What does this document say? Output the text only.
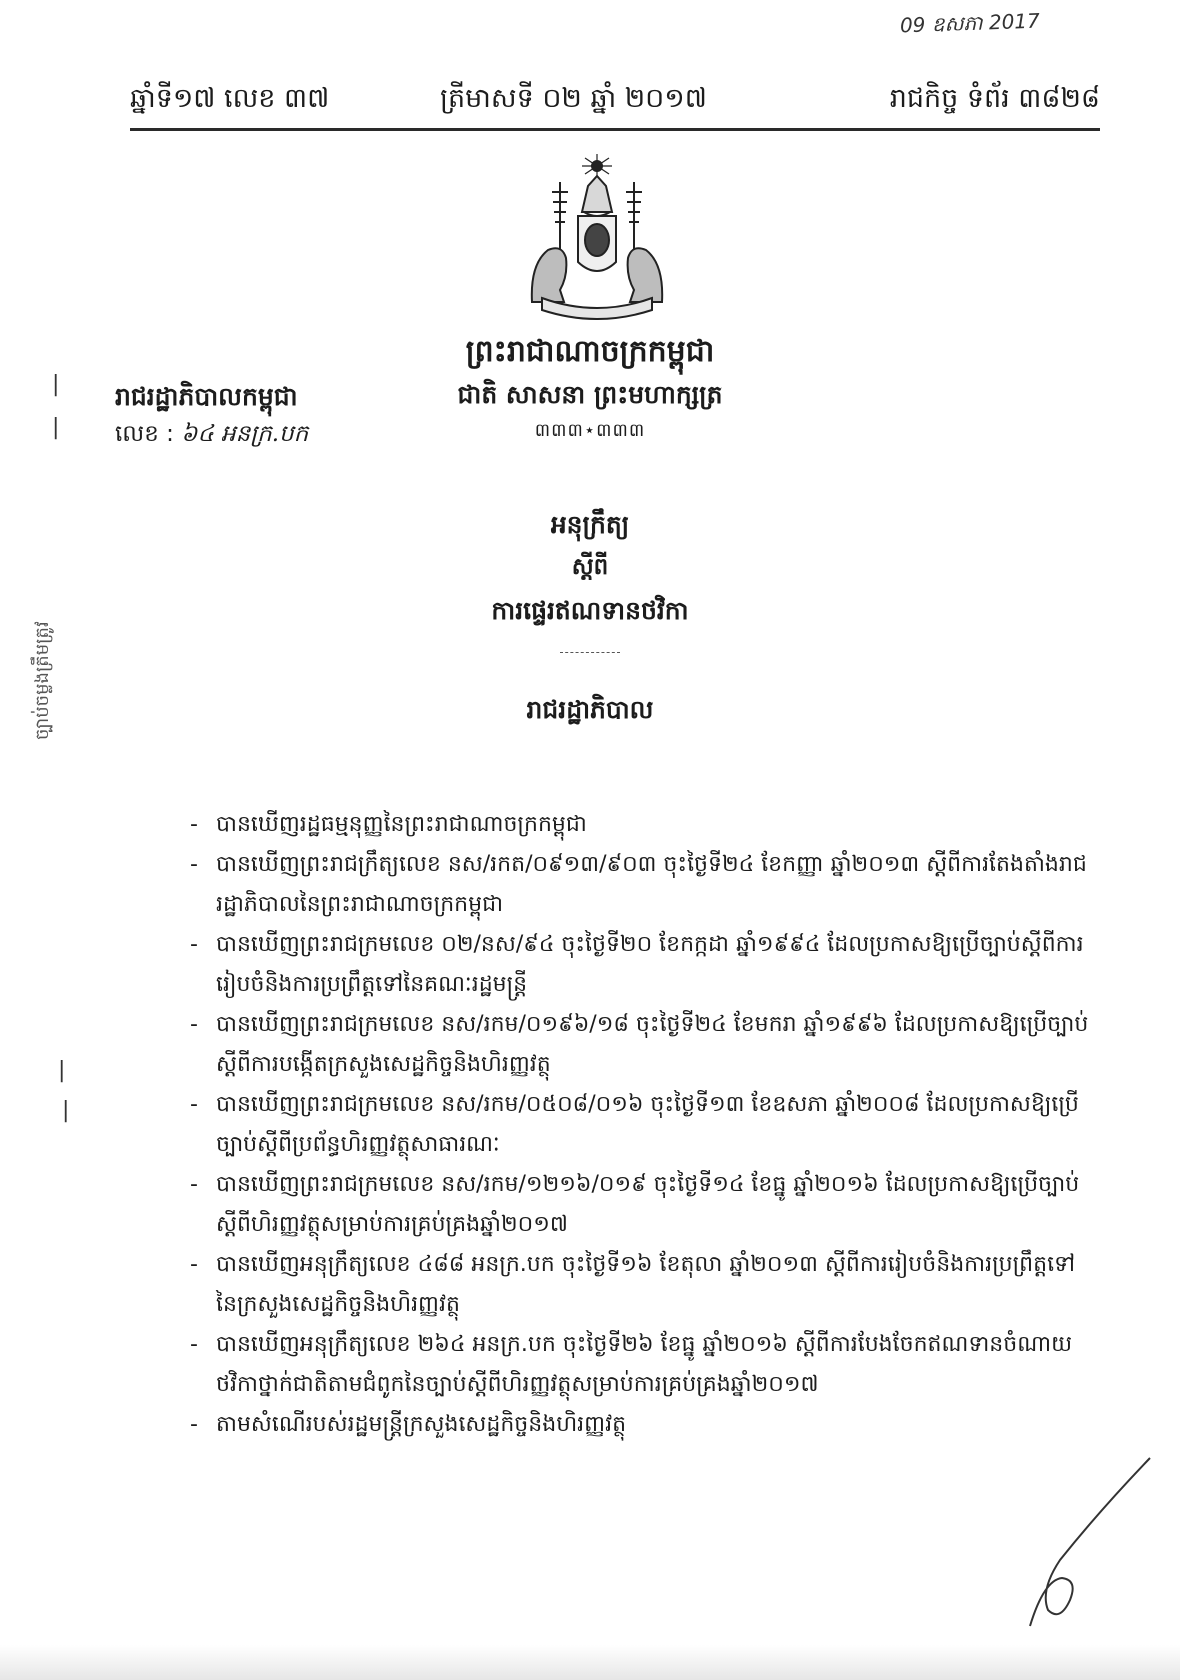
09 ឧសភា 2017
ឆ្នាំទី១៧ លេខ ៣៧	ត្រីមាសទី ០២ ឆ្នាំ ២០១៧	រាជកិច្ច ទំព័រ ៣៨២៨
ព្រះរាជាណាចក្រកម្ពុជា
ជាតិ សាសនា ព្រះមហាក្សត្រ
៣៣៣⋆៣៣៣
រាជរដ្ឋាភិបាលកម្ពុជា
លេខ : ៦៤ អនក្រ.បក
|
|
|
|
ច្បាប់ចម្លងត្រឹមត្រូវ
អនុក្រឹត្យ
ស្តីពី
ការផ្ទេរឥណទានថវិកា
រាជរដ្ឋាភិបាល
- បានឃើញរដ្ឋធម្មនុញ្ញនៃព្រះរាជាណាចក្រកម្ពុជា
- បានឃើញព្រះរាជក្រឹត្យលេខ នស/រកត/០៩១៣/៩០៣ ចុះថ្ងៃទី២៤ ខែកញ្ញា ឆ្នាំ២០១៣ ស្តីពីការតែងតាំងរាជរដ្ឋាភិបាលនៃព្រះរាជាណាចក្រកម្ពុជា
- បានឃើញព្រះរាជក្រមលេខ ០២/នស/៩៤ ចុះថ្ងៃទី២០ ខែកក្កដា ឆ្នាំ១៩៩៤ ដែលប្រកាសឱ្យប្រើច្បាប់ស្តីពីការរៀបចំនិងការប្រព្រឹត្តទៅនៃគណៈរដ្ឋមន្ត្រី
- បានឃើញព្រះរាជក្រមលេខ នស/រកម/០១៩៦/១៨ ចុះថ្ងៃទី២៤ ខែមករា ឆ្នាំ១៩៩៦ ដែលប្រកាសឱ្យប្រើច្បាប់ស្តីពីការបង្កើតក្រសួងសេដ្ឋកិច្ចនិងហិរញ្ញវត្ថុ
- បានឃើញព្រះរាជក្រមលេខ នស/រកម/០៥០៨/០១៦ ចុះថ្ងៃទី១៣ ខែឧសភា ឆ្នាំ២០០៨ ដែលប្រកាសឱ្យប្រើច្បាប់ស្តីពីប្រព័ន្ធហិរញ្ញវត្ថុសាធារណៈ
- បានឃើញព្រះរាជក្រមលេខ នស/រកម/១២១៦/០១៩ ចុះថ្ងៃទី១៤ ខែធ្នូ ឆ្នាំ២០១៦ ដែលប្រកាសឱ្យប្រើច្បាប់ស្តីពីហិរញ្ញវត្ថុសម្រាប់ការគ្រប់គ្រងឆ្នាំ២០១៧
- បានឃើញអនុក្រឹត្យលេខ ៤៨៨ អនក្រ.បក ចុះថ្ងៃទី១៦ ខែតុលា ឆ្នាំ២០១៣ ស្តីពីការរៀបចំនិងការប្រព្រឹត្តទៅនៃក្រសួងសេដ្ឋកិច្ចនិងហិរញ្ញវត្ថុ
- បានឃើញអនុក្រឹត្យលេខ ២៦៤ អនក្រ.បក ចុះថ្ងៃទី២៦ ខែធ្នូ ឆ្នាំ២០១៦ ស្តីពីការបែងចែកឥណទានចំណាយថវិកាថ្នាក់ជាតិតាមជំពូកនៃច្បាប់ស្តីពីហិរញ្ញវត្ថុសម្រាប់ការគ្រប់គ្រងឆ្នាំ២០១៧
- តាមសំណើរបស់រដ្ឋមន្ត្រីក្រសួងសេដ្ឋកិច្ចនិងហិរញ្ញវត្ថុ
